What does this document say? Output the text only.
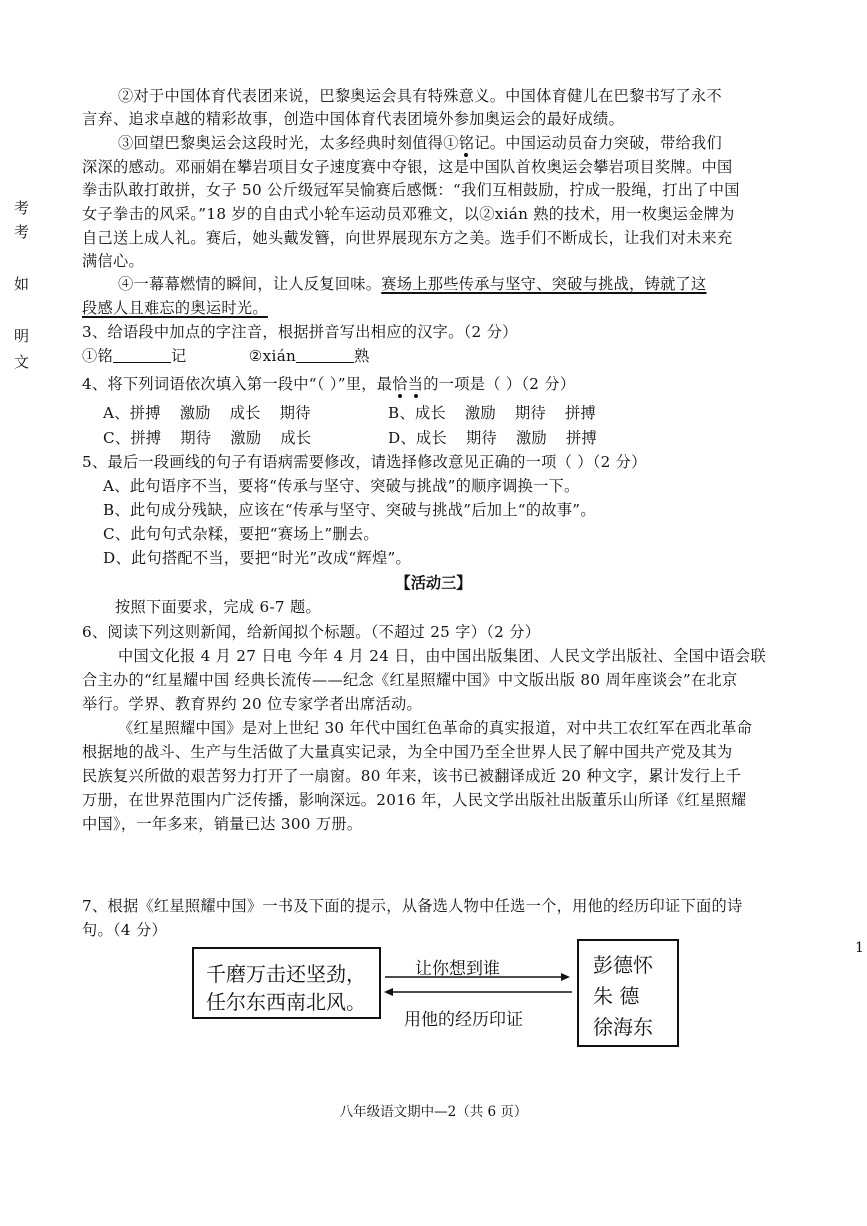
考
考
如
明
文
②对于中国体育代表团来说，巴黎奥运会具有特殊意义。中国体育健儿在巴黎书写了永不
言弃、追求卓越的精彩故事，创造中国体育代表团境外参加奥运会的最好成绩。
③回望巴黎奥运会这段时光，太多经典时刻值得①铭记。中国运动员奋力突破，带给我们
深深的感动。邓丽娟在攀岩项目女子速度赛中夺银，这是中国队首枚奥运会攀岩项目奖牌。中国
拳击队敢打敢拼，女子 50 公斤级冠军吴愉赛后感慨：“我们互相鼓励，拧成一股绳，打出了中国
女子拳击的风采。”18 岁的自由式小轮车运动员邓雅文，以②xián 熟的技术，用一枚奥运金牌为
自己送上成人礼。赛后，她头戴发簪，向世界展现东方之美。选手们不断成长，让我们对未来充
满信心。
④一幕幕燃情的瞬间，让人反复回味。赛场上那些传承与坚守、突破与挑战，铸就了这
段感人且难忘的奥运时光。
3、给语段中加点的字注音，根据拼音写出相应的汉字。（2 分）
①铭	记	②xián	熟
4、将下列词语依次填入第一段中“（ ）”里，最恰当的一项是（ ）（2 分）
A、拼搏 激励 成长 期待	B、成长 激励 期待 拼搏
C、拼搏 期待 激励 成长	D、成长 期待 激励 拼搏
5、最后一段画线的句子有语病需要修改，请选择修改意见正确的一项（ ）（2 分）
A、此句语序不当，要将“传承与坚守、突破与挑战”的顺序调换一下。
B、此句成分残缺，应该在“传承与坚守、突破与挑战”后加上“的故事”。
C、此句句式杂糅，要把“赛场上”删去。
D、此句搭配不当，要把“时光”改成“辉煌”。
【活动三】
按照下面要求，完成 6-7 题。
6、阅读下列这则新闻，给新闻拟个标题。（不超过 25 字）（2 分）
中国文化报 4 月 27 日电 今年 4 月 24 日，由中国出版集团、人民文学出版社、全国中语会联
合主办的“红星耀中国 经典长流传——纪念《红星照耀中国》中文版出版 80 周年座谈会”在北京
举行。学界、教育界约 20 位专家学者出席活动。
《红星照耀中国》是对上世纪 30 年代中国红色革命的真实报道，对中共工农红军在西北革命
根据地的战斗、生产与生活做了大量真实记录，为全中国乃至全世界人民了解中国共产党及其为
民族复兴所做的艰苦努力打开了一扇窗。80 年来，该书已被翻译成近 20 种文字，累计发行上千
万册，在世界范围内广泛传播，影响深远。2016 年，人民文学出版社出版董乐山所译《红星照耀
中国》，一年多来，销量已达 300 万册。
7、根据《红星照耀中国》一书及下面的提示，从备选人物中任选一个，用他的经历印证下面的诗
句。（4 分）
千磨万击还坚劲，
任尔东西南北风。
让你想到谁
用他的经历印证
彭德怀
朱 德
徐海东
1
八年级语文期中—2（共 6 页）
